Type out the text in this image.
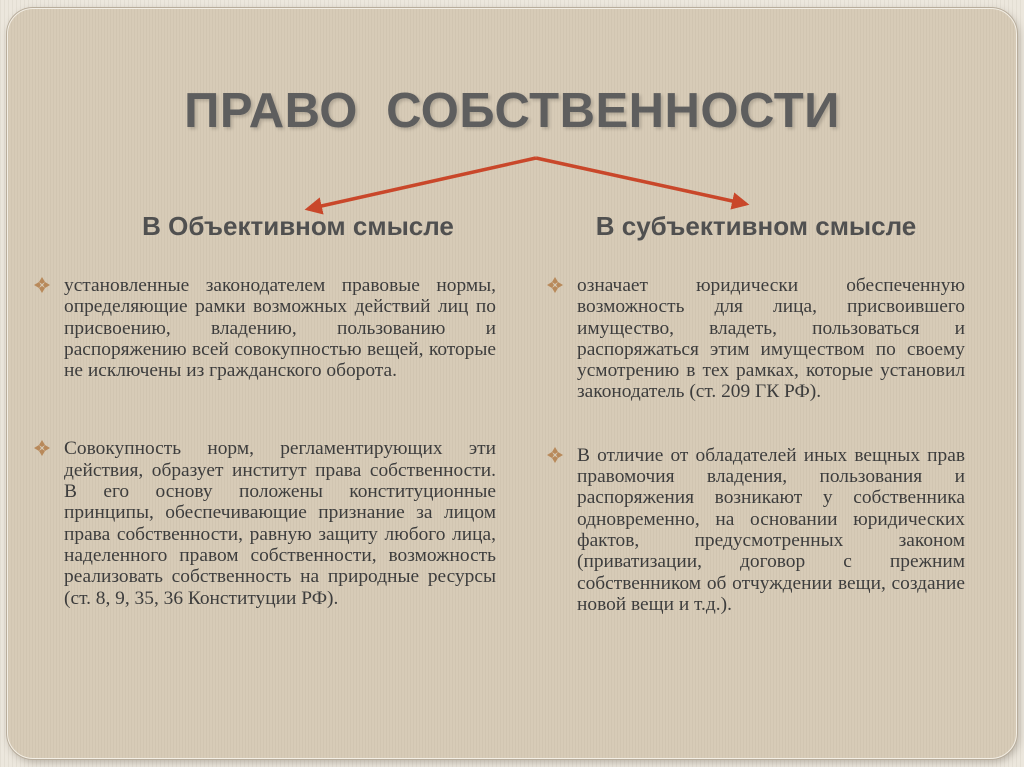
ПРАВО  СОБСТВЕННОСТИ
В Объективном смысле	В субъективном смысле
установленные законодателем правовые нормы, определяющие рамки возможных действий лиц по присвоению, владению, пользованию и распоряжению всей совокупностью вещей, которые не исключены из гражданского оборота.
Совокупность норм, регламентирующих эти действия, образует институт права собственности. В его основу положены конституционные принципы, обеспечивающие признание за лицом права собственности, равную защиту любого лица, наделенного правом собственности, возможность реализовать собственность на природные ресурсы (ст. 8, 9, 35, 36 Конституции РФ).
означает юридически обеспеченную возможность для лица, присвоившего имущество, владеть, пользоваться и распоряжаться этим имуществом по своему усмотрению в тех рамках, которые установил законодатель (ст. 209 ГК РФ).
В отличие от обладателей иных вещных прав правомочия владения, пользования и распоряжения возникают у собственника одновременно, на основании юридических фактов, предусмотренных законом (приватизации, договор с прежним собственником об отчуждении вещи, создание новой вещи и т.д.).
